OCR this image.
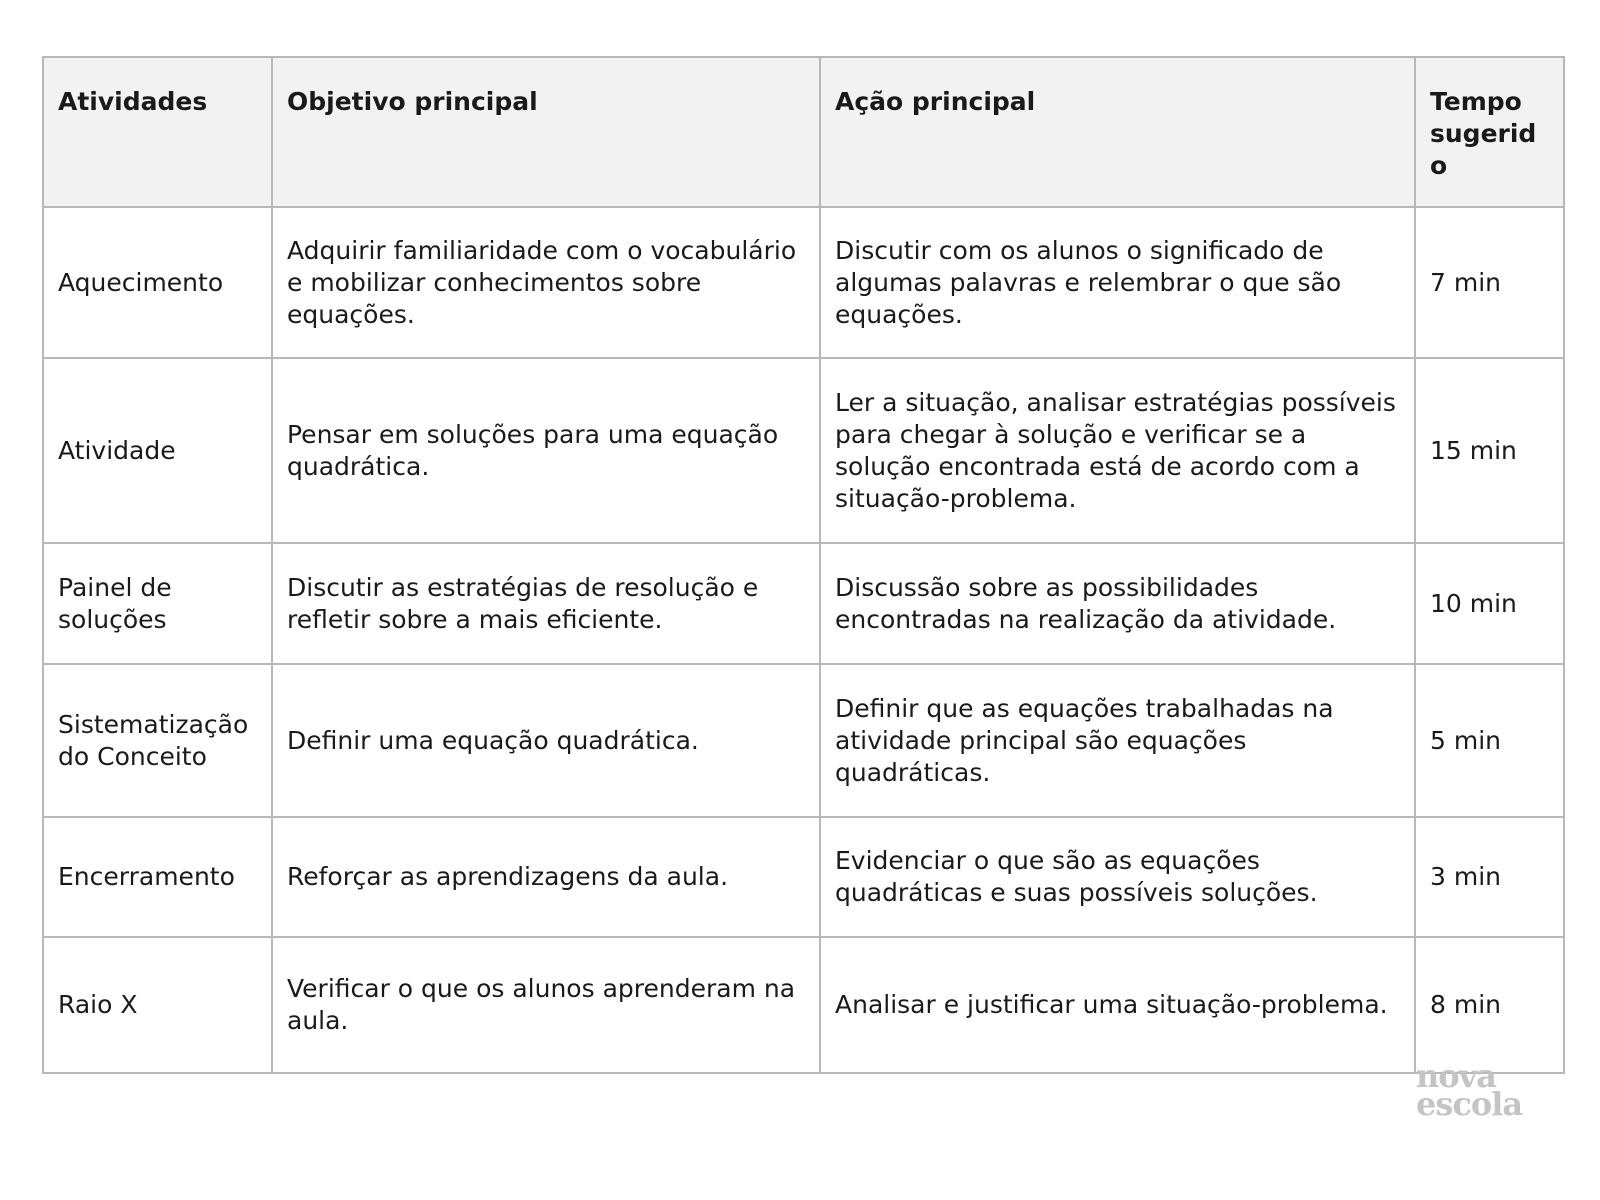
Atividades	Objetivo principal	Ação principal	Tempo sugerido
Aquecimento	Adquirir familiaridade com o vocabulário e mobilizar conhecimentos sobre equações.	Discutir com os alunos o significado de algumas palavras e relembrar o que são equações.	7 min
Atividade	Pensar em soluções para uma equação quadrática.	Ler a situação, analisar estratégias possíveis para chegar à solução e verificar se a solução encontrada está de acordo com a situação-problema.	15 min
Painel de soluções	Discutir as estratégias de resolução e refletir sobre a mais eficiente.	Discussão sobre as possibilidades encontradas na realização da atividade.	10 min
Sistematização do Conceito	Definir uma equação quadrática.	Definir que as equações trabalhadas na atividade principal são equações quadráticas.	5 min
Encerramento	Reforçar as aprendizagens da aula.	Evidenciar o que são as equações quadráticas e suas possíveis soluções.	3 min
Raio X	Verificar o que os alunos aprenderam na aula.	Analisar e justificar uma situação-problema.	8 min
nova
escola
